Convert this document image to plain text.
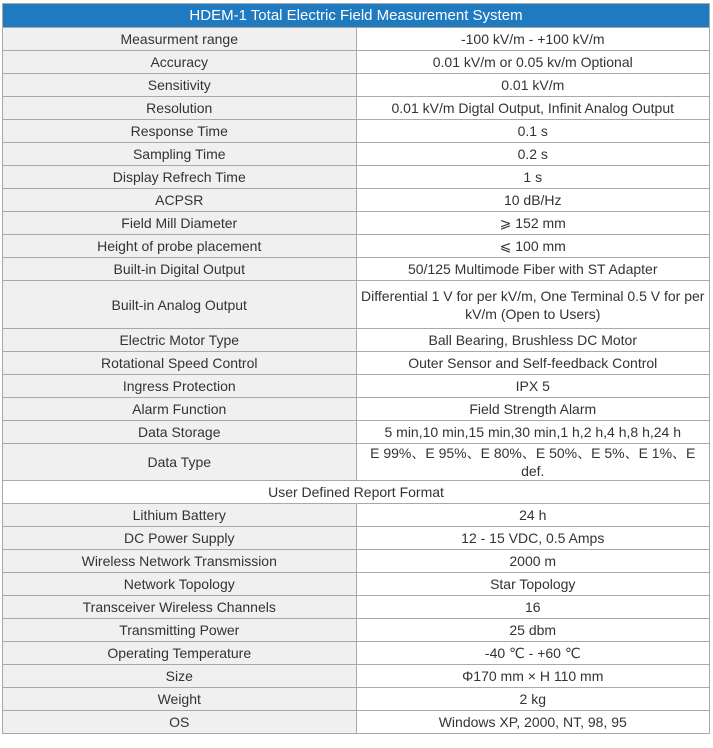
HDEM-1 Total Electric Field Measurement System	
Measurment range	-100 kV/m - +100 kV/m
Accuracy	0.01 kV/m or 0.05 kv/m Optional
Sensitivity	0.01 kV/m
Resolution	0.01 kV/m Digtal Output, Infinit Analog Output
Response Time	0.1 s
Sampling Time	0.2 s
Display Refrech Time	1 s
ACPSR	10 dB/Hz
Field Mill Diameter	⩾ 152 mm
Height of probe placement	⩽ 100 mm
Built-in Digital Output	50/125 Multimode Fiber with ST Adapter
Built-in Analog Output	Differential 1 V for per kV/m, One Terminal 0.5 V for per kV/m (Open to Users)
Electric Motor Type	Ball Bearing, Brushless DC Motor
Rotational Speed Control	Outer Sensor and Self-feedback Control
Ingress Protection	IPX 5
Alarm Function	Field Strength Alarm
Data Storage	5 min,10 min,15 min,30 min,1 h,2 h,4 h,8 h,24 h
Data Type	E 99%、E 95%、E 80%、E 50%、E 5%、E 1%、E def.
User Defined Report Format	
Lithium Battery	24 h
DC Power Supply	12 - 15 VDC, 0.5 Amps
Wireless Network Transmission	2000 m
Network Topology	Star Topology
Transceiver Wireless Channels	16
Transmitting Power	25 dbm
Operating Temperature	-40 ℃ - +60 ℃
Size	Φ170 mm × H 110 mm
Weight	2 kg
OS	Windows XP, 2000, NT, 98, 95
